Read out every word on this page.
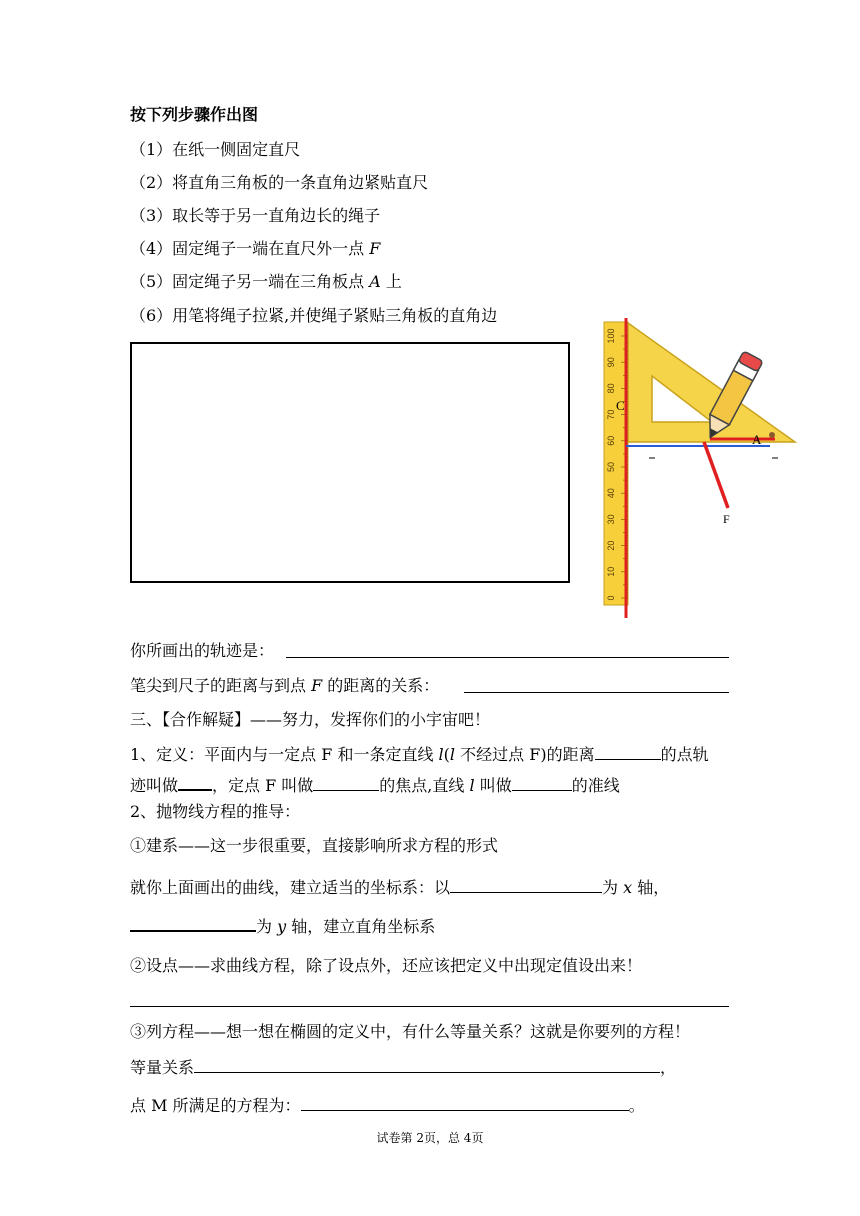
按下列步骤作出图
（1）在纸一侧固定直尺
（2）将直角三角板的一条直角边紧贴直尺
（3）取长等于另一直角边长的绳子
（4）固定绳子一端在直尺外一点 F
（5）固定绳子另一端在三角板点 A 上
（6）用笔将绳子拉紧,并使绳子紧贴三角板的直角边
100
90
80
70
60
50
40
30
20
10
0
C
A
F
你所画出的轨迹是：
笔尖到尺子的距离与到点 F 的距离的关系：
三、【合作解疑】——努力，发挥你们的小宇宙吧！
1、定义：平面内与一定点 F 和一条定直线 l(l 不经过点 F)的距离	的点轨
迹叫做 ，定点 F 叫做	的焦点,直线 l 叫做	的准线
2、抛物线方程的推导：
①建系——这一步很重要，直接影响所求方程的形式
就你上面画出的曲线，建立适当的坐标系：以	为 x 轴，
为 y 轴，建立直角坐标系
②设点——求曲线方程，除了设点外，还应该把定义中出现定值设出来！
③列方程——想一想在椭圆的定义中，有什么等量关系？这就是你要列的方程！
等量关系	，
点 M 所满足的方程为：	。
试卷第 2页，总 4页
